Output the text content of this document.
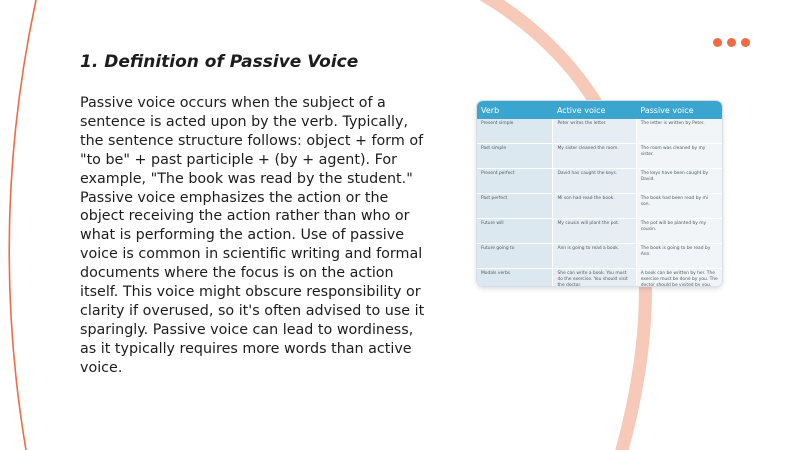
1. Definition of Passive Voice

Passive voice occurs when the subject of a sentence is acted upon by the verb. Typically, the sentence structure follows: object + form of "to be" + past participle + (by + agent). For example, "The book was read by the student." Passive voice emphasizes the action or the object receiving the action rather than who or what is performing the action. Use of passive voice is common in scientific writing and formal documents where the focus is on the action itself. This voice might obscure responsibility or clarity if overused, so it's often advised to use it sparingly. Passive voice can lead to wordiness, as it typically requires more words than active voice.

Verb	Active voice	Passive voice
Present simple	Peter writes the letter.	The letter is written by Peter.
Past simple	My sister cleaned the room.	The room was cleaned by my sister.
Present perfect	David has caught the keys.	The keys have been caught by David.
Past perfect	Mi son had read the book.	The book had been read by mi son.
Future will	My cousin will plant the pot.	The pot will be planted by my cousin.
Future going to	Ann is going to read a book.	The book is going to be read by Ann.
Modals verbs	She can write a book. You must do the exercise. You should visit the doctor.	A book can be written by her. The exercise must be done by you. The doctor should be visited by you.
